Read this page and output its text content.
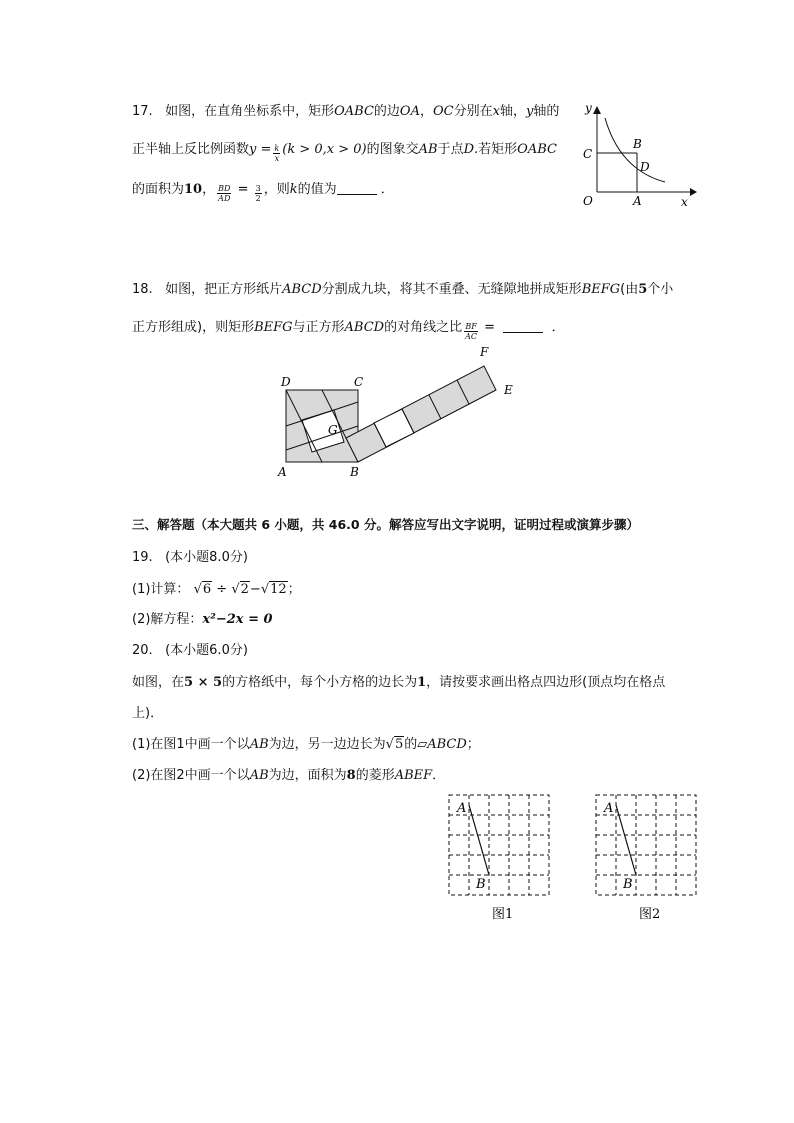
17. 如图，在直角坐标系中，矩形OABC的边OA，OC分别在x轴，y轴的
正半轴上反比例函数$y = \frac{k}{x} (k > 0,x > 0)$的图象交AB于点D.若矩形OABC
的面积为10， $\frac{BD}{AD} = \frac{3}{2}$ ，则k的值为	．
y
x
O	A
B
C
D
18. 如图，把正方形纸片ABCD分割成九块，将其不重叠、无缝隙地拼成矩形BEFG(由5个小
正方形组成)，则矩形BEFG与正方形ABCD的对角线之比 $\frac{BF}{AC}$ =	．
A	B
C
D
E
F
G
三、解答题（本大题共 6 小题，共 46.0 分。解答应写出文字说明，证明过程或演算步骤）
19. (本小题8.0分)
(1)计算： √6 ÷ √2−√12；
(2)解方程：x²−2x = 0
20. (本小题6.0分)
如图，在5 × 5的方格纸中，每个小方格的边长为1，请按要求画出格点四边形(顶点均在格点
上)．
(1)在图1中画一个以AB为边，另一边边长为√5的▱ABCD；
(2)在图2中画一个以AB为边，面积为8的菱形ABEF．
A
B
图1
A
B
图2
